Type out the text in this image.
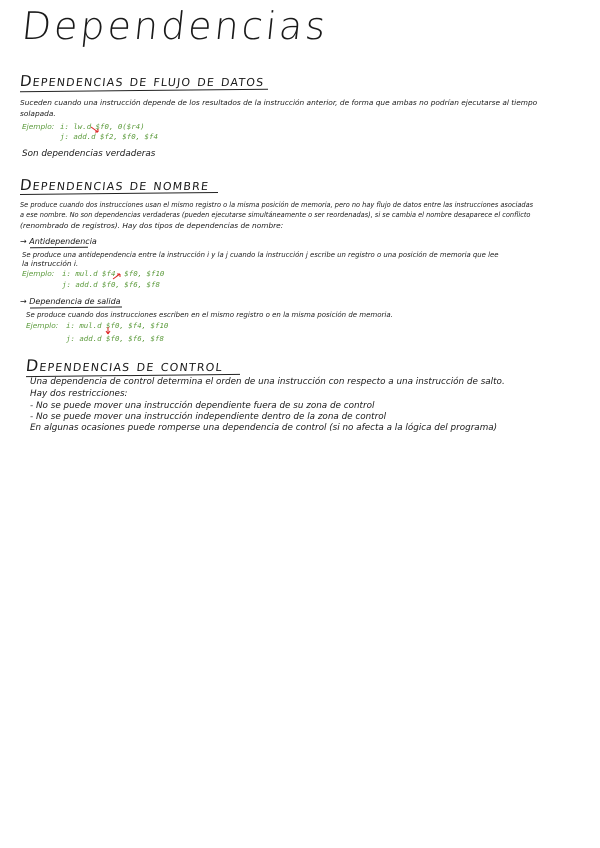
Dependencias
Dependencias de flujo de datos
Suceden cuando una instrucción depende de los resultados de la instrucción anterior, de forma que ambas no podrían ejecutarse al tiempo
solapada.
Ejemplo: i: lw.d $f0, 0($r4)
j: add.d $f2, $f0, $f4
Son dependencias verdaderas
Dependencias de nombre
Se produce cuando dos instrucciones usan el mismo registro o la misma posición de memoria, pero no hay flujo de datos entre las instrucciones asociadas
a ese nombre. No son dependencias verdaderas (pueden ejecutarse simultáneamente o ser reordenadas), si se cambia el nombre desaparece el conflicto
(renombrado de registros). Hay dos tipos de dependencias de nombre:
→ Antidependencia
Se produce una antidependencia entre la instrucción i y la j cuando la instrucción j escribe un registro o una posición de memoria que lee
la instrucción i.
Ejemplo: i: mul.d $f4, $f0, $f10
j: add.d $f0, $f6, $f8
→ Dependencia de salida
Se produce cuando dos instrucciones escriben en el mismo registro o en la misma posición de memoria.
Ejemplo: i: mul.d $f0, $f4, $f10
j: add.d $f0, $f6, $f8
Dependencias de control
Una dependencia de control determina el orden de una instrucción con respecto a una instrucción de salto.
Hay dos restricciones:
- No se puede mover una instrucción dependiente fuera de su zona de control
- No se puede mover una instrucción independiente dentro de la zona de control
En algunas ocasiones puede romperse una dependencia de control (si no afecta a la lógica del programa)
